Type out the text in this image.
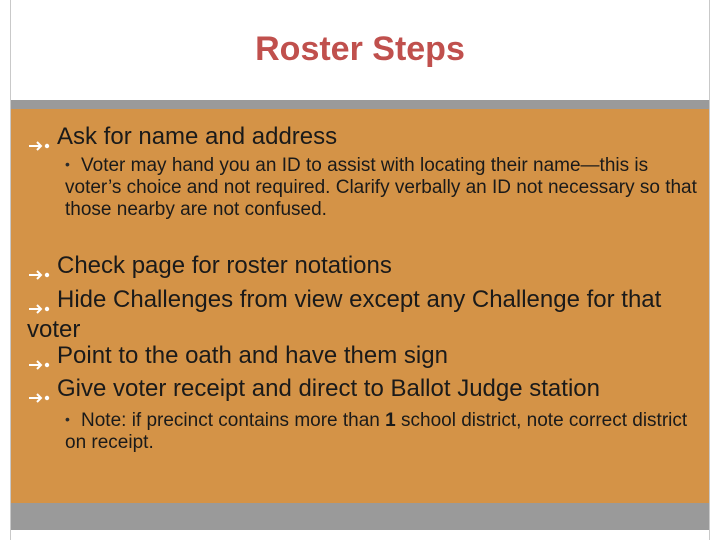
Roster Steps
Ask for name and address
• Voter may hand you an ID to assist with locating their name—this is voter’s choice and not required. Clarify verbally an ID not necessary so that those nearby are not confused.
Check page for roster notations
Hide Challenges from view except any Challenge for that voter
Point to the oath and have them sign
Give voter receipt and direct to Ballot Judge station
• Note: if precinct contains more than 1 school district, note correct district on receipt.
